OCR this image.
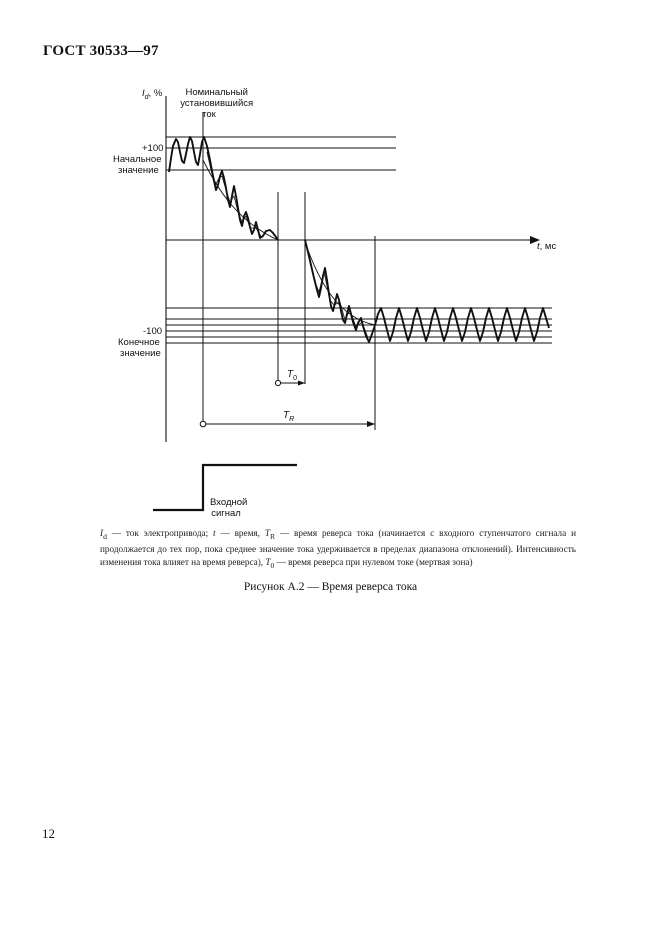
ГОСТ 30533—97
$I_d$, %	Номинальный установившийся ток
+100
Начальное значение
t, мс
-100
Конечное значение
$T_0$
$T_R$
Входной сигнал
$I_d$ — ток электропривода; t — время, $T_R$ — время реверса тока (начинается с входного ступенчатого сигнала и продолжается до тех пор, пока среднее значение тока удерживается в пределах диапазона отклонений). Интенсивность изменения тока влияет на время реверса), $T_0$ — время реверса при нулевом токе (мертвая зона)
Рисунок А.2 — Время реверса тока
12
